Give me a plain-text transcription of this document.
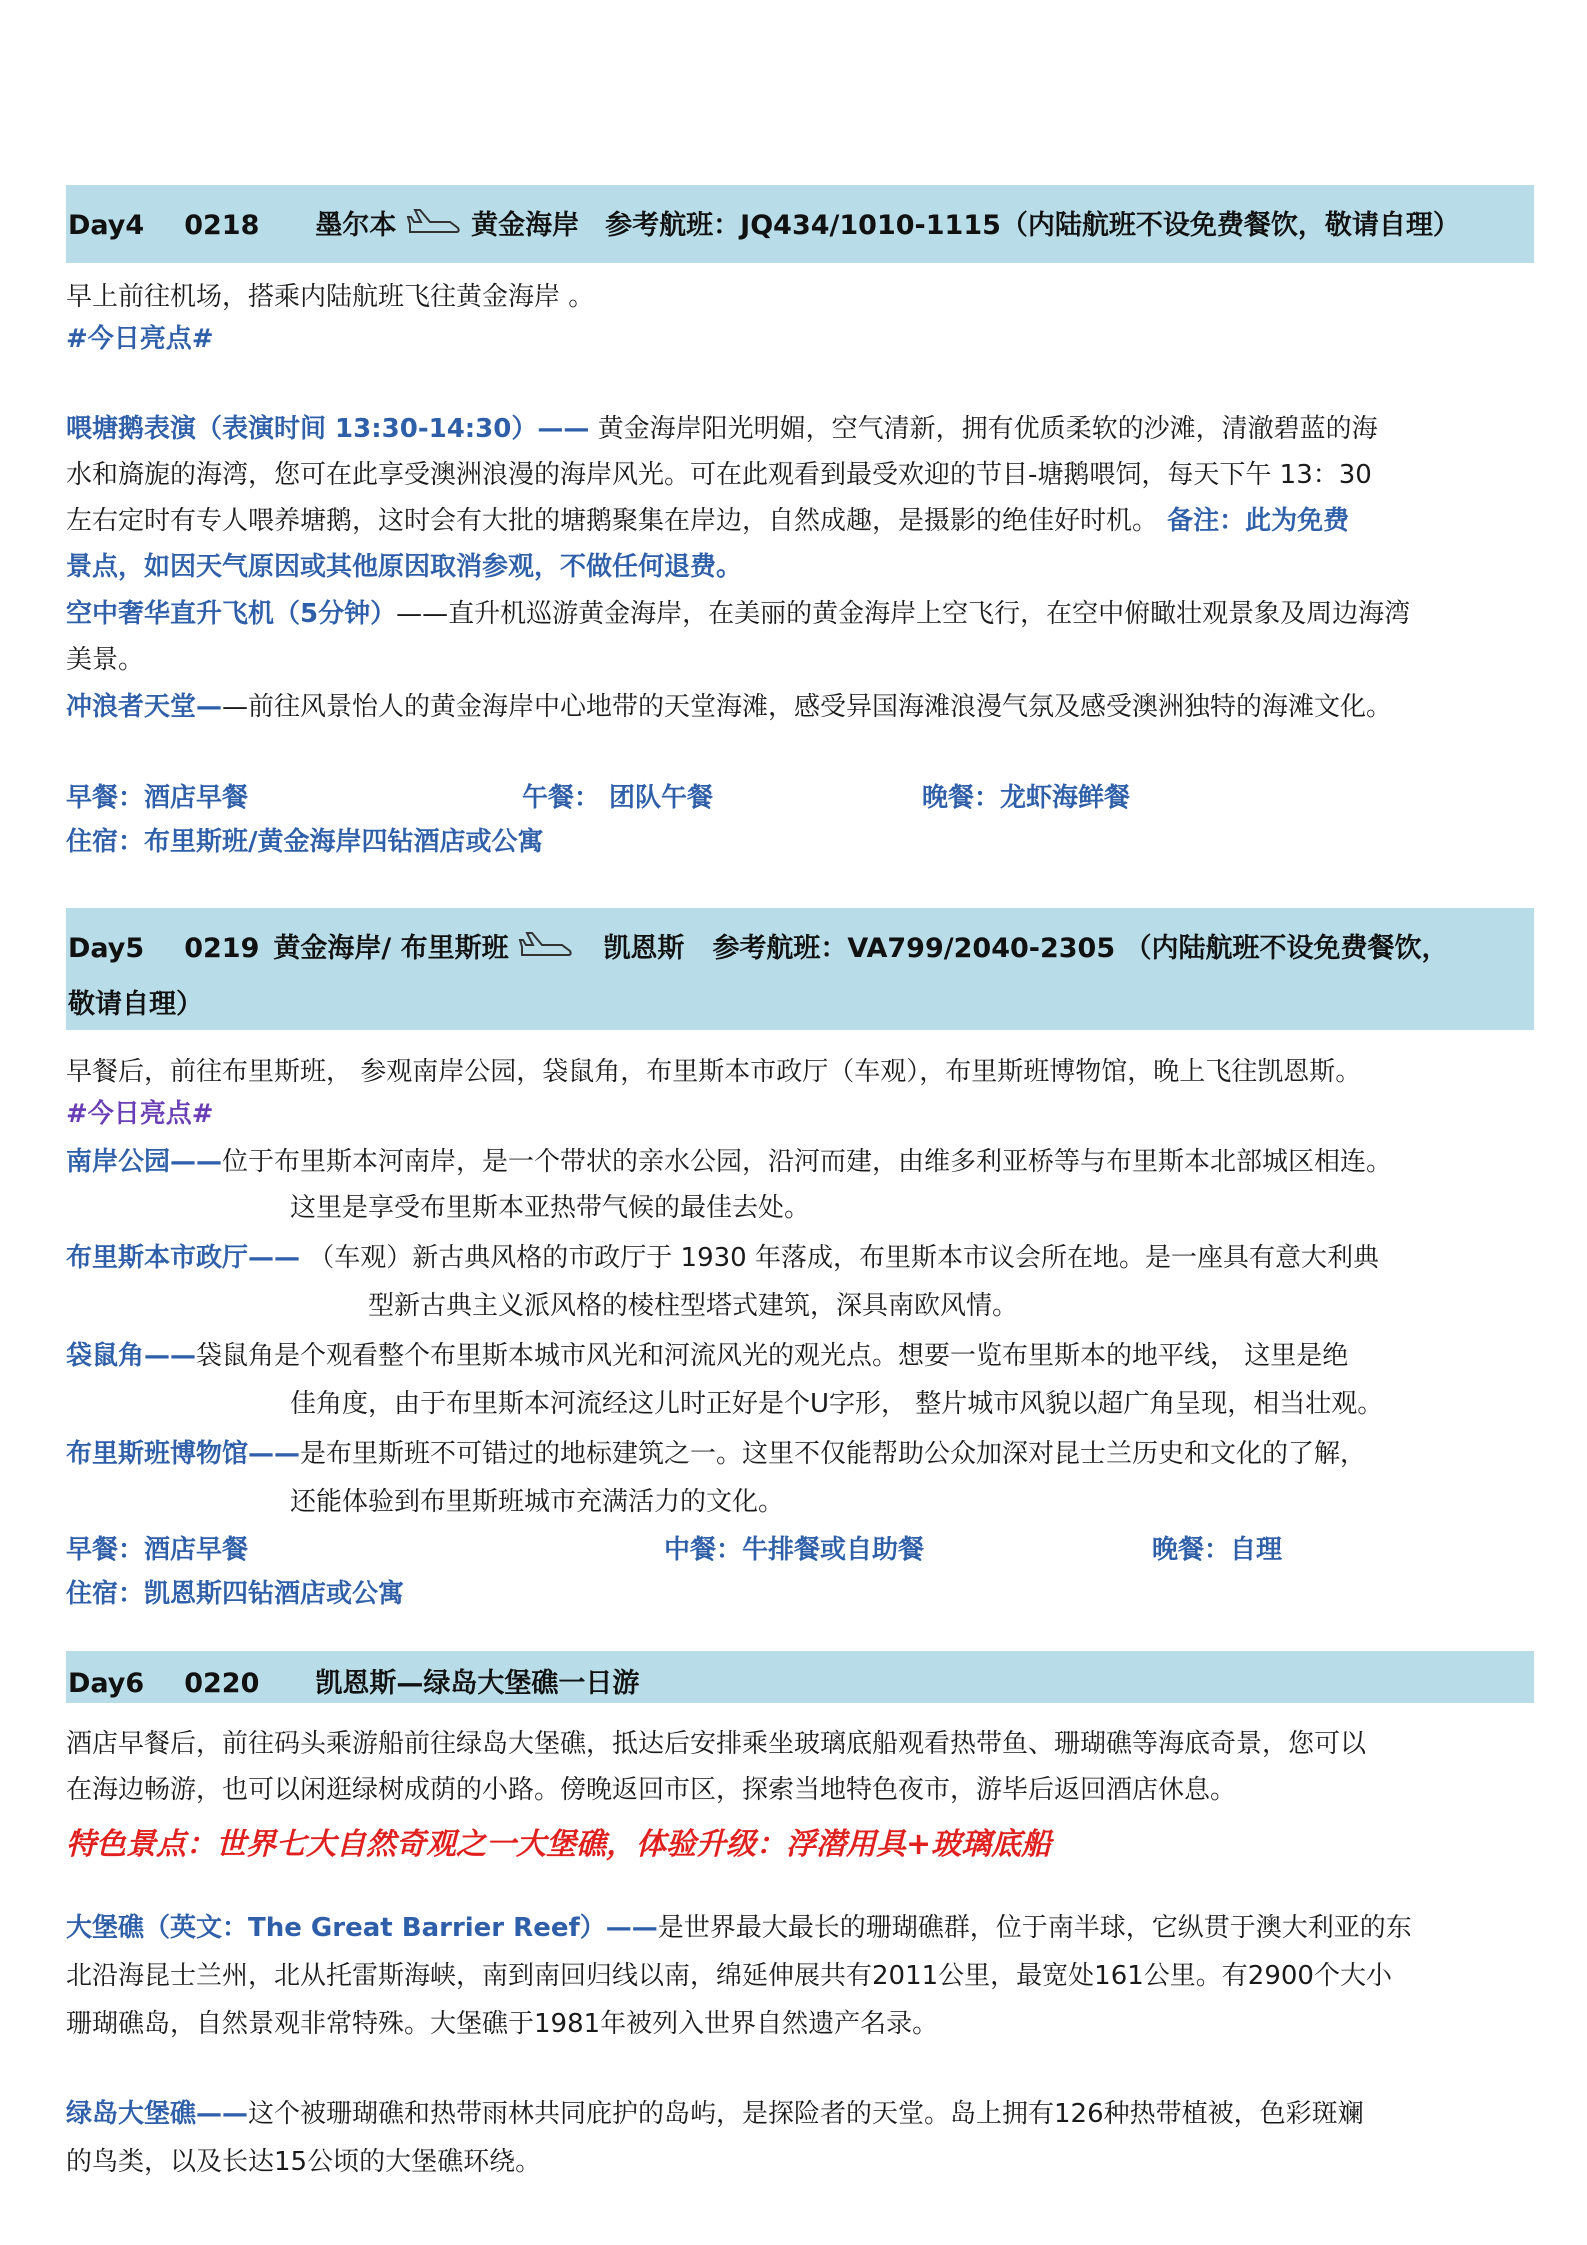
Day4 0218 墨尔本	黄金海岸 参考航班：JQ434/1010-1115（内陆航班不设免费餐饮，敬请自理）
早上前往机场，搭乘内陆航班飞往黄金海岸 。
#今日亮点#
喂塘鹅表演（表演时间 13:30-14:30）—— 黄金海岸阳光明媚，空气清新，拥有优质柔软的沙滩，清澈碧蓝的海
水和旖旎的海湾，您可在此享受澳洲浪漫的海岸风光。可在此观看到最受欢迎的节目-塘鹅喂饲，每天下午 13：30
左右定时有专人喂养塘鹅，这时会有大批的塘鹅聚集在岸边，自然成趣，是摄影的绝佳好时机。 备注：此为免费
景点，如因天气原因或其他原因取消参观，不做任何退费。
空中奢华直升飞机（5分钟）——直升机巡游黄金海岸，在美丽的黄金海岸上空飞行，在空中俯瞰壮观景象及周边海湾
美景。
冲浪者天堂——前往风景怡人的黄金海岸中心地带的天堂海滩，感受异国海滩浪漫气氛及感受澳洲独特的海滩文化。
早餐：酒店早餐	午餐： 团队午餐	晚餐：龙虾海鲜餐
住宿：布里斯班/黄金海岸四钻酒店或公寓
Day5 0219 黄金海岸/ 布里斯班	凯恩斯 参考航班：VA799/2040-2305 （内陆航班不设免费餐饮，
敬请自理）
早餐后，前往布里斯班， 参观南岸公园，袋鼠角，布里斯本市政厅（车观），布里斯班博物馆，晚上飞往凯恩斯。
#今日亮点#
南岸公园——位于布里斯本河南岸，是一个带状的亲水公园，沿河而建，由维多利亚桥等与布里斯本北部城区相连。
这里是享受布里斯本亚热带气候的最佳去处。
布里斯本市政厅—— （车观）新古典风格的市政厅于 1930 年落成，布里斯本市议会所在地。是一座具有意大利典
型新古典主义派风格的棱柱型塔式建筑，深具南欧风情。
袋鼠角——袋鼠角是个观看整个布里斯本城市风光和河流风光的观光点。想要一览布里斯本的地平线， 这里是绝
佳角度，由于布里斯本河流经这儿时正好是个U字形， 整片城市风貌以超广角呈现，相当壮观。
布里斯班博物馆——是布里斯班不可错过的地标建筑之一。这里不仅能帮助公众加深对昆士兰历史和文化的了解，
还能体验到布里斯班城市充满活力的文化。
早餐：酒店早餐	中餐：牛排餐或自助餐	晚餐：自理
住宿：凯恩斯四钻酒店或公寓
Day6 0220 凯恩斯—绿岛大堡礁一日游
酒店早餐后，前往码头乘游船前往绿岛大堡礁，抵达后安排乘坐玻璃底船观看热带鱼、珊瑚礁等海底奇景，您可以
在海边畅游，也可以闲逛绿树成荫的小路。傍晚返回市区，探索当地特色夜市，游毕后返回酒店休息。
特色景点：世界七大自然奇观之一大堡礁，体验升级：浮潜用具+玻璃底船
大堡礁（英文：The Great Barrier Reef）——是世界最大最长的珊瑚礁群，位于南半球，它纵贯于澳大利亚的东
北沿海昆士兰州，北从托雷斯海峡，南到南回归线以南，绵延伸展共有2011公里，最宽处161公里。有2900个大小
珊瑚礁岛，自然景观非常特殊。大堡礁于1981年被列入世界自然遗产名录。
绿岛大堡礁——这个被珊瑚礁和热带雨林共同庇护的岛屿，是探险者的天堂。岛上拥有126种热带植被，色彩斑斓
的鸟类，以及长达15公顷的大堡礁环绕。
